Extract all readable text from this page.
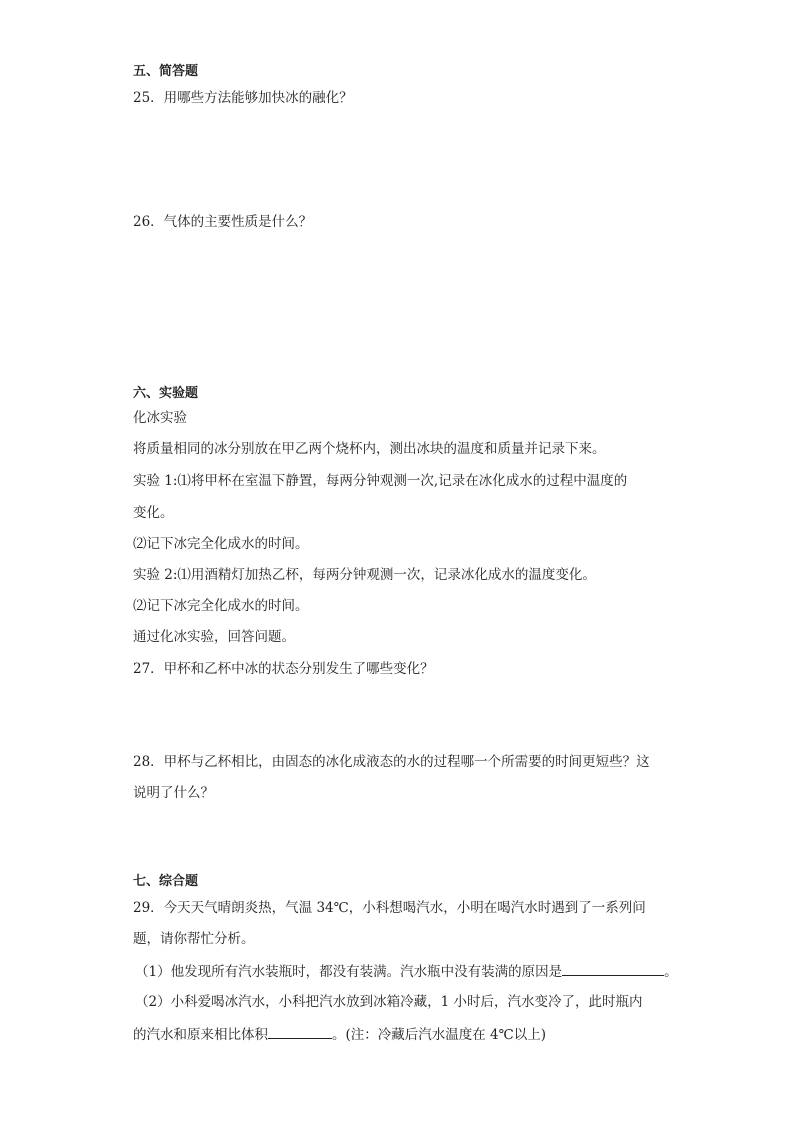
五、简答题
25．用哪些方法能够加快冰的融化？
26．气体的主要性质是什么？
六、实验题
化冰实验
将质量相同的冰分别放在甲乙两个烧杯内，测出冰块的温度和质量并记录下来。
实验 1:⑴将甲杯在室温下静置，每两分钟观测一次,记录在冰化成水的过程中温度的
变化。
⑵记下冰完全化成水的时间。
实验 2:⑴用酒精灯加热乙杯，每两分钟观测一次，记录冰化成水的温度变化。
⑵记下冰完全化成水的时间。
通过化冰实验，回答问题。
27．甲杯和乙杯中冰的状态分别发生了哪些变化？
28．甲杯与乙杯相比，由固态的冰化成液态的水的过程哪一个所需要的时间更短些？这
说明了什么？
七、综合题
29．今天天气晴朗炎热，气温 34℃，小科想喝汽水，小明在喝汽水时遇到了一系列问
题，请你帮忙分析。
（1）他发现所有汽水装瓶时，都没有装满。汽水瓶中没有装满的原因是	。
（2）小科爱喝冰汽水，小科把汽水放到冰箱冷藏，1 小时后，汽水变冷了，此时瓶内
的汽水和原来相比体积	。(注：冷藏后汽水温度在 4℃以上)
